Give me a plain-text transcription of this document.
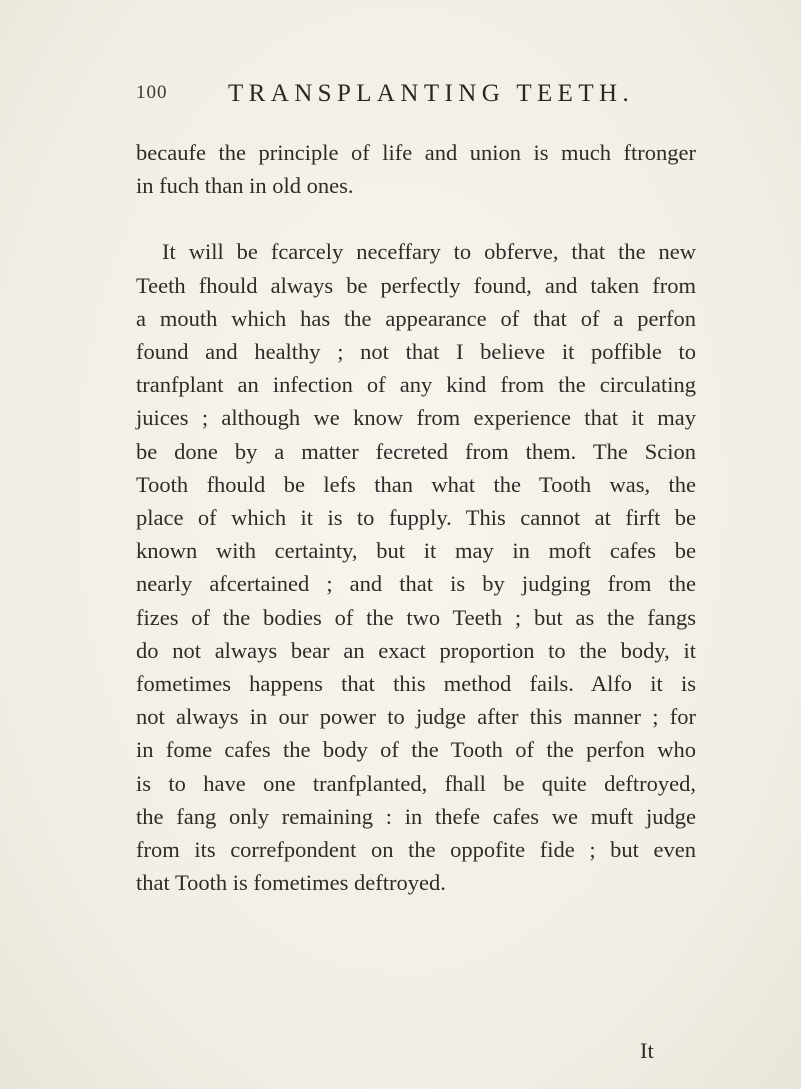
100 TRANSPLANTING TEETH.
becaufe the principle of life and union is much ftronger
in fuch than in old ones.
It will be fcarcely neceffary to obferve, that the new
Teeth fhould always be perfectly found, and taken from
a mouth which has the appearance of that of a perfon
found and healthy ; not that I believe it poffible to
tranfplant an infection of any kind from the circulating
juices ; although we know from experience that it may
be done by a matter fecreted from them. The Scion
Tooth fhould be lefs than what the Tooth was, the
place of which it is to fupply. This cannot at firft be
known with certainty, but it may in moft cafes be
nearly afcertained ; and that is by judging from the
fizes of the bodies of the two Teeth ; but as the fangs
do not always bear an exact proportion to the body, it
fometimes happens that this method fails. Alfo it is
not always in our power to judge after this manner ; for
in fome cafes the body of the Tooth of the perfon who
is to have one tranfplanted, fhall be quite deftroyed,
the fang only remaining : in thefe cafes we muft judge
from its correfpondent on the oppofite fide ; but even
that Tooth is fometimes deftroyed.
It
